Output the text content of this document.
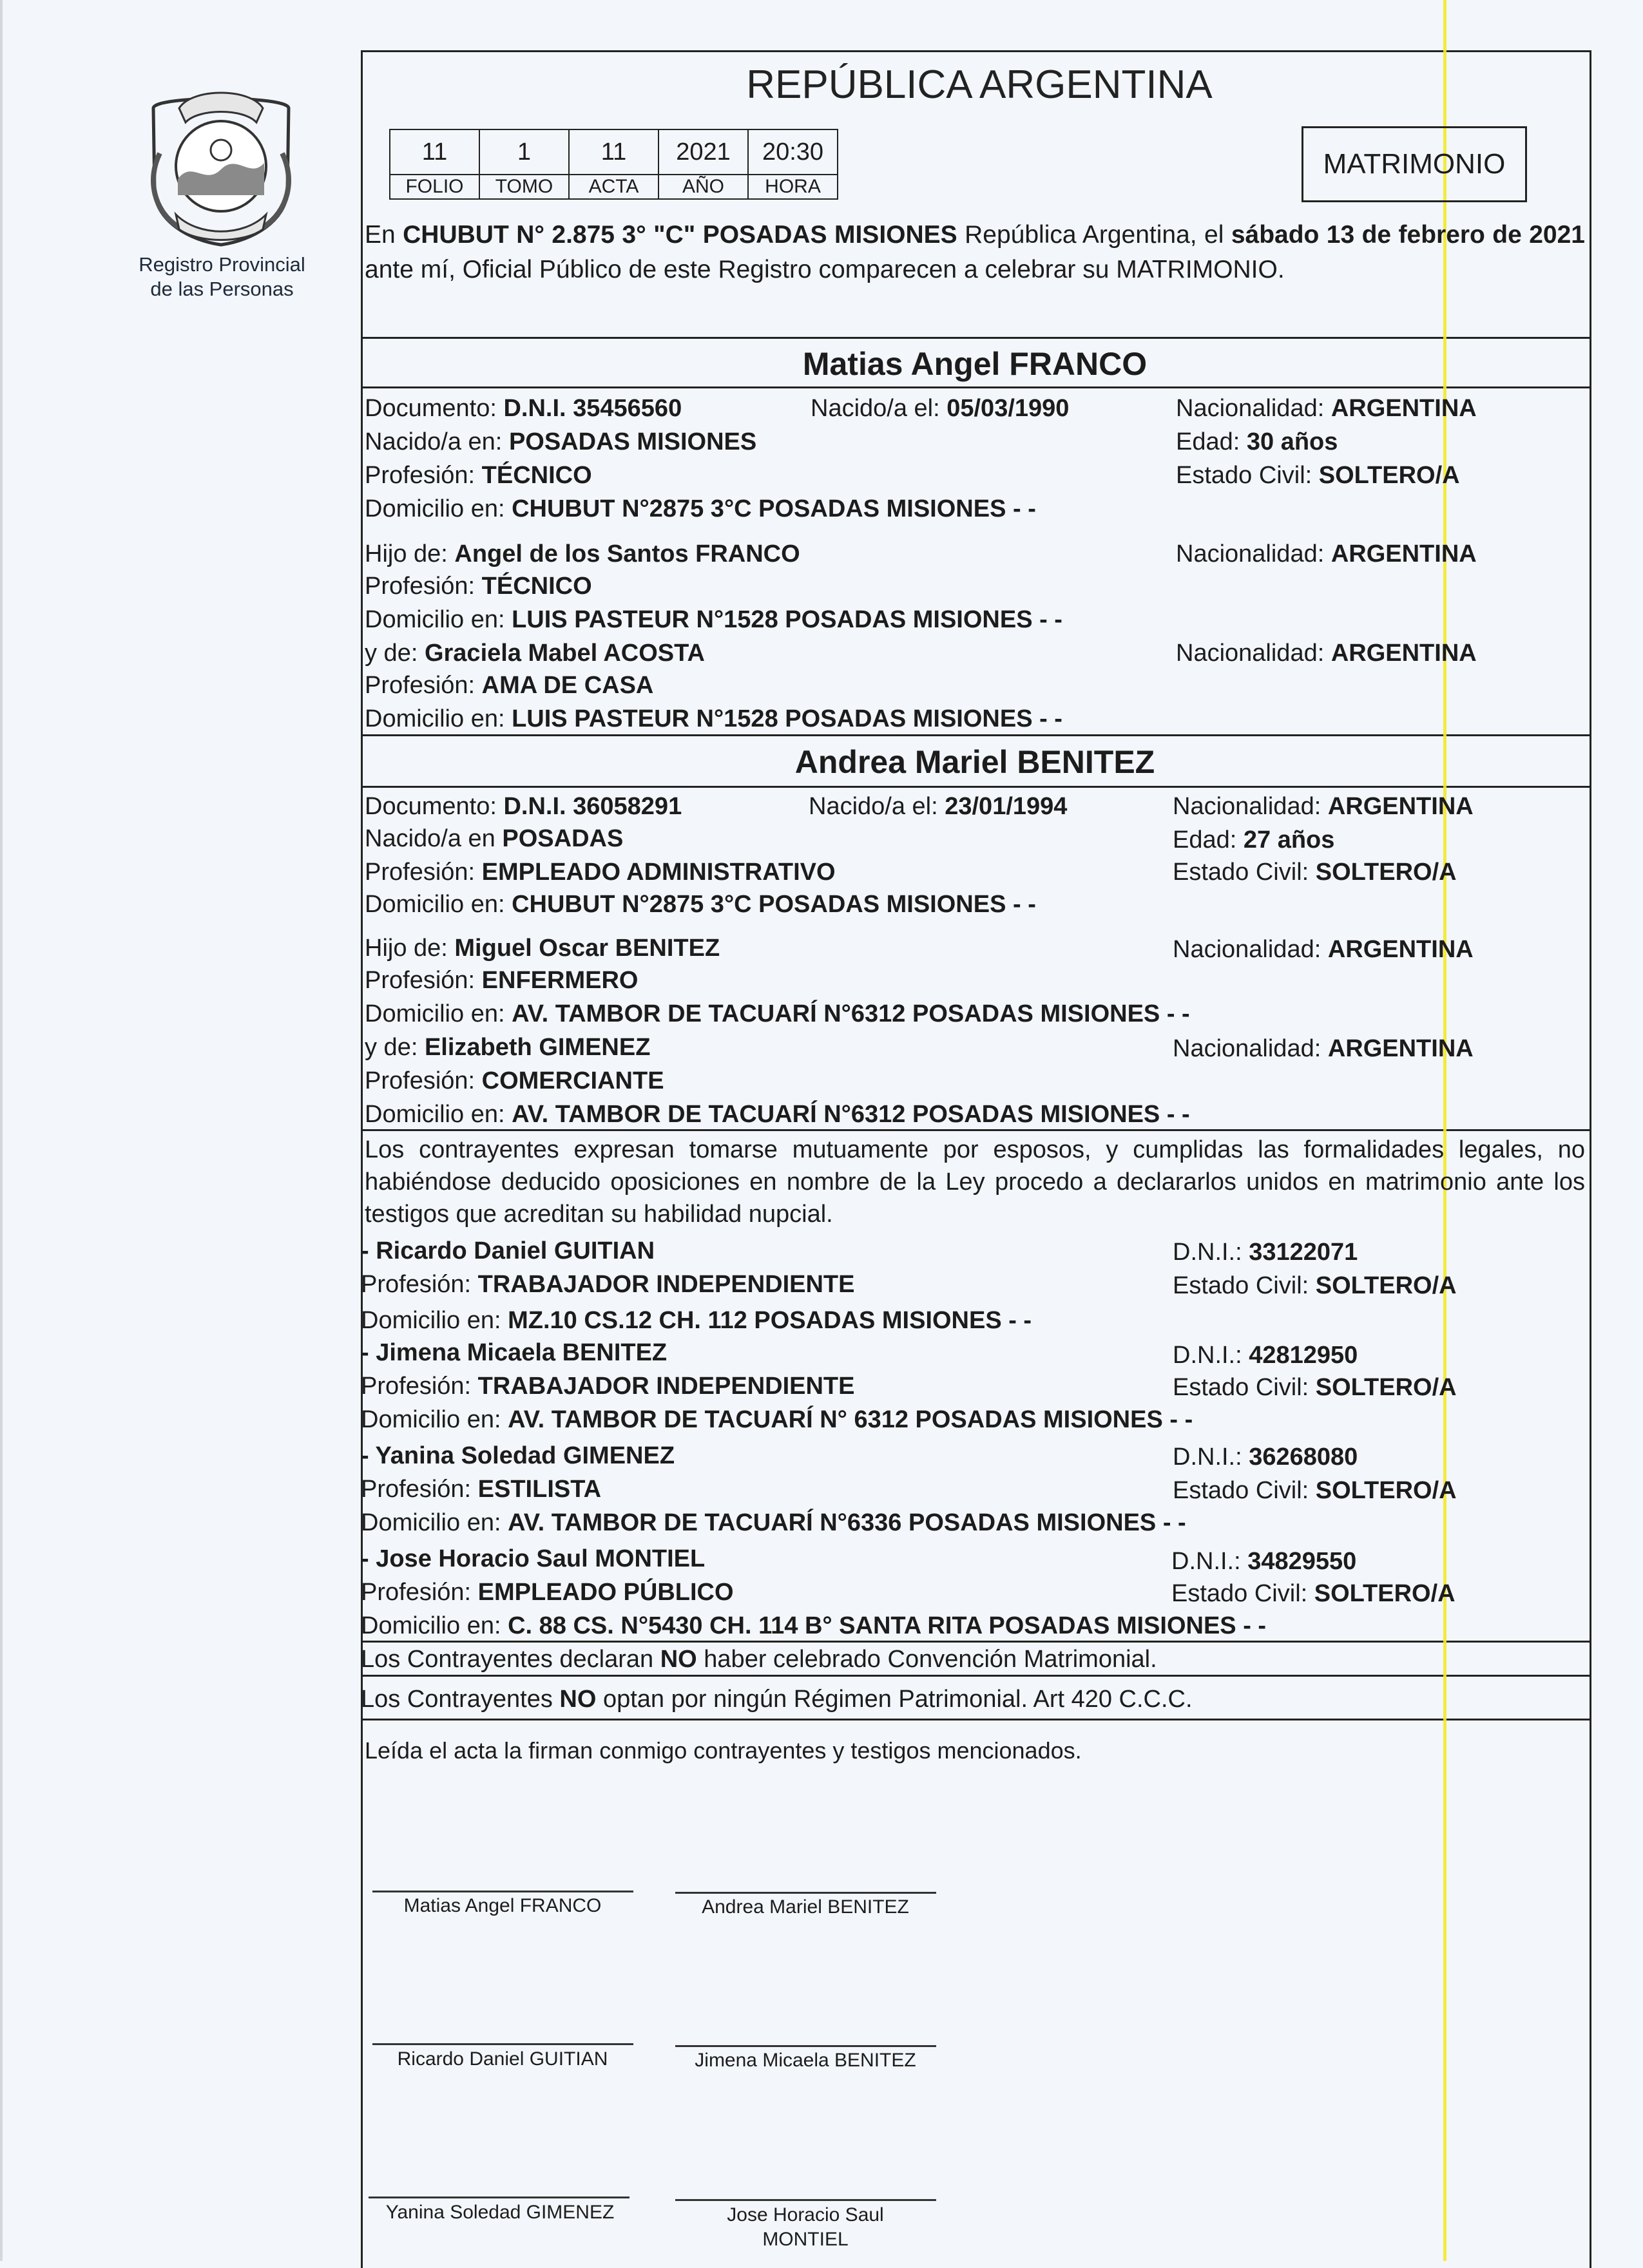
Registro Provincial
de las Personas
REPÚBLICA ARGENTINA
11	1	11	2021	20:30
FOLIO	TOMO	ACTA	AÑO	HORA
MATRIMONIO
En CHUBUT N° 2.875 3° "C" POSADAS MISIONES República Argentina, el sábado 13 de febrero de 2021 ante mí, Oficial Público de este Registro comparecen a celebrar su MATRIMONIO.
Matias Angel FRANCO
Documento: D.N.I. 35456560	Nacido/a el: 05/03/1990	Nacionalidad: ARGENTINA
Nacido/a en: POSADAS MISIONES	Edad: 30 años
Profesión: TÉCNICO	Estado Civil: SOLTERO/A
Domicilio en: CHUBUT N°2875 3°C POSADAS MISIONES - -
Hijo de: Angel de los Santos FRANCO	Nacionalidad: ARGENTINA
Profesión: TÉCNICO
Domicilio en: LUIS PASTEUR N°1528 POSADAS MISIONES - -
y de: Graciela Mabel ACOSTA	Nacionalidad: ARGENTINA
Profesión: AMA DE CASA
Domicilio en: LUIS PASTEUR N°1528 POSADAS MISIONES - -
Andrea Mariel BENITEZ
Documento: D.N.I. 36058291	Nacido/a el: 23/01/1994	Nacionalidad: ARGENTINA
Nacido/a en POSADAS	Edad: 27 años
Profesión: EMPLEADO ADMINISTRATIVO	Estado Civil: SOLTERO/A
Domicilio en: CHUBUT N°2875 3°C POSADAS MISIONES - -
Hijo de: Miguel Oscar BENITEZ	Nacionalidad: ARGENTINA
Profesión: ENFERMERO
Domicilio en: AV. TAMBOR DE TACUARÍ N°6312 POSADAS MISIONES - -
y de: Elizabeth GIMENEZ	Nacionalidad: ARGENTINA
Profesión: COMERCIANTE
Domicilio en: AV. TAMBOR DE TACUARÍ N°6312 POSADAS MISIONES - -
Los contrayentes expresan tomarse mutuamente por esposos, y cumplidas las formalidades legales, no habiéndose deducido oposiciones en nombre de la Ley procedo a declararlos unidos en matrimonio ante los testigos que acreditan su habilidad nupcial.
- Ricardo Daniel GUITIAN	D.N.I.: 33122071
Profesión: TRABAJADOR INDEPENDIENTE	Estado Civil: SOLTERO/A
Domicilio en: MZ.10 CS.12 CH. 112 POSADAS MISIONES - -
- Jimena Micaela BENITEZ	D.N.I.: 42812950
Profesión: TRABAJADOR INDEPENDIENTE	Estado Civil: SOLTERO/A
Domicilio en: AV. TAMBOR DE TACUARÍ N° 6312 POSADAS MISIONES - -
- Yanina Soledad GIMENEZ	D.N.I.: 36268080
Profesión: ESTILISTA	Estado Civil: SOLTERO/A
Domicilio en: AV. TAMBOR DE TACUARÍ N°6336 POSADAS MISIONES - -
- Jose Horacio Saul MONTIEL	D.N.I.: 34829550
Profesión: EMPLEADO PÚBLICO	Estado Civil: SOLTERO/A
Domicilio en: C. 88 CS. N°5430 CH. 114 B° SANTA RITA POSADAS MISIONES - -
Los Contrayentes declaran NO haber celebrado Convención Matrimonial.
Los Contrayentes NO optan por ningún Régimen Patrimonial. Art 420 C.C.C.
Leída el acta la firman conmigo contrayentes y testigos mencionados.
Matias Angel FRANCO	Andrea Mariel BENITEZ
Ricardo Daniel GUITIAN	Jimena Micaela BENITEZ
Yanina Soledad GIMENEZ	Jose Horacio Saul MONTIEL
